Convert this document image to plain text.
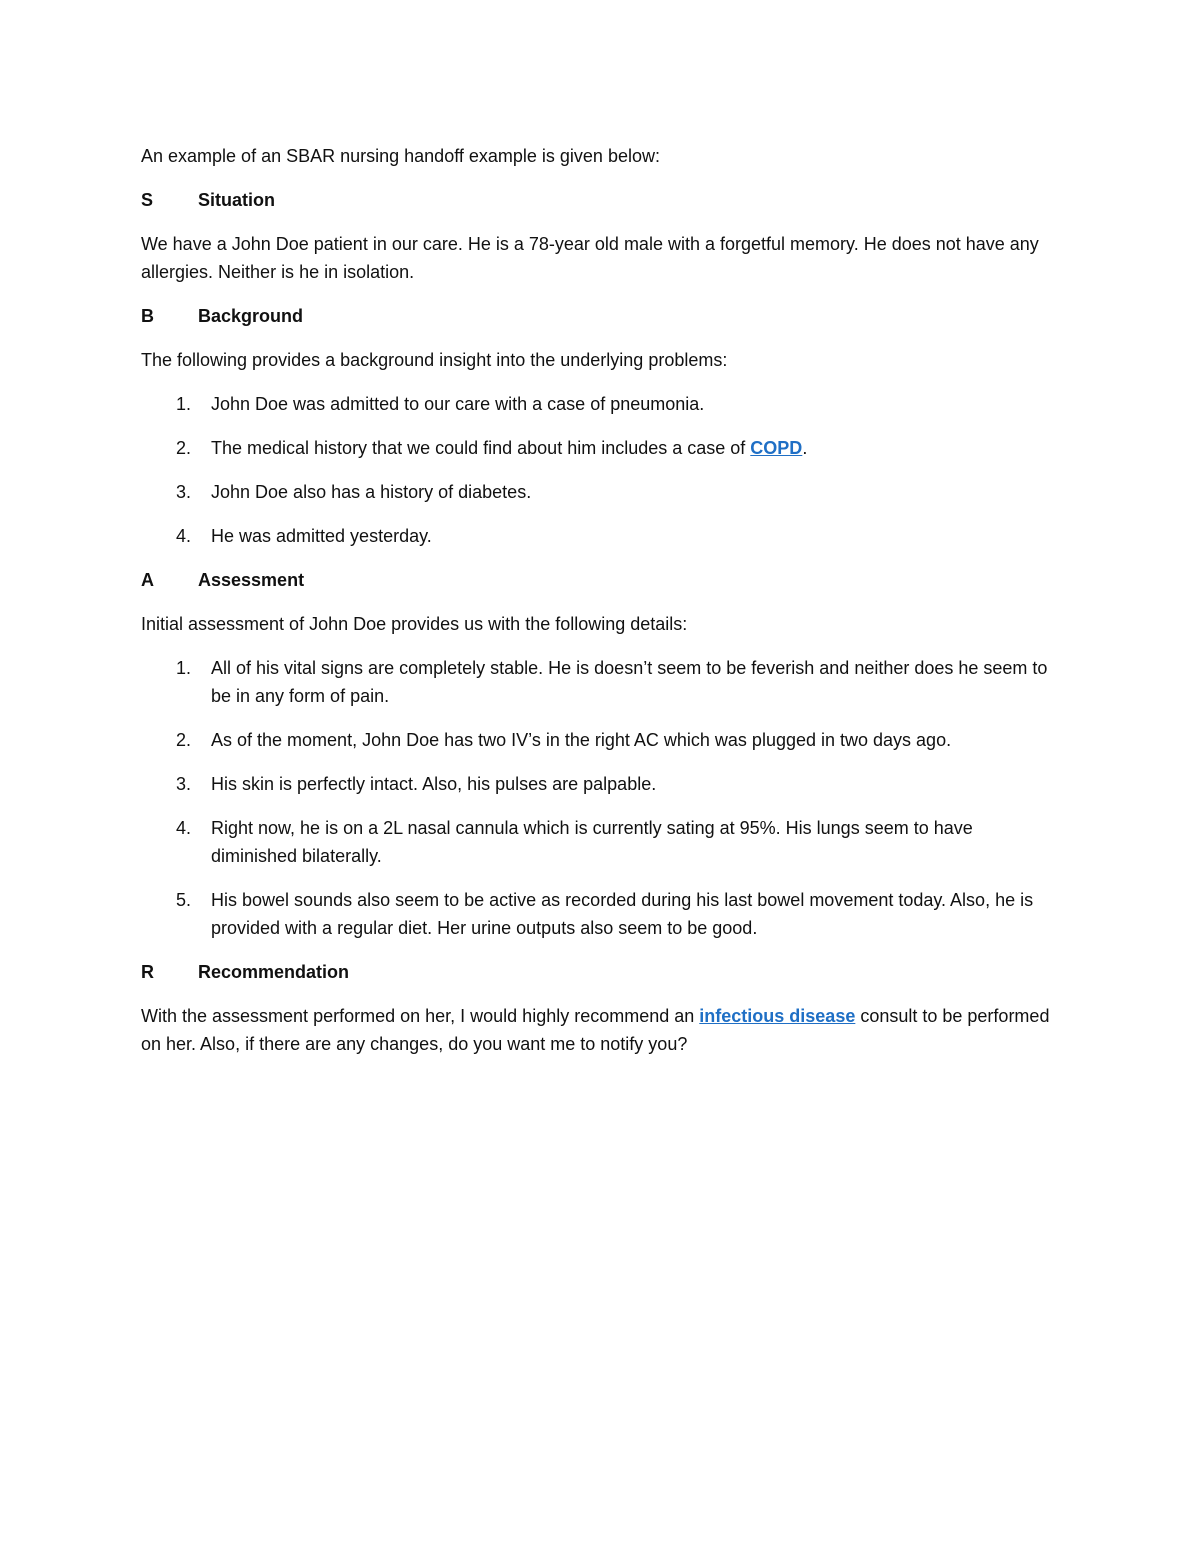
An example of an SBAR nursing handoff example is given below:

S	Situation

We have a John Doe patient in our care. He is a 78-year old male with a forgetful memory. He does not have any allergies. Neither is he in isolation.

B	Background

The following provides a background insight into the underlying problems:

1.	John Doe was admitted to our care with a case of pneumonia.
2.	The medical history that we could find about him includes a case of COPD.
3.	John Doe also has a history of diabetes.
4.	He was admitted yesterday.
A	Assessment

Initial assessment of John Doe provides us with the following details:

1.	All of his vital signs are completely stable. He is doesn’t seem to be feverish and neither does he seem to be in any form of pain.
2.	As of the moment, John Doe has two IV’s in the right AC which was plugged in two days ago.
3.	His skin is perfectly intact. Also, his pulses are palpable.
4.	Right now, he is on a 2L nasal cannula which is currently sating at 95%. His lungs seem to have diminished bilaterally.
5.	His bowel sounds also seem to be active as recorded during his last bowel movement today. Also, he is provided with a regular diet. Her urine outputs also seem to be good.
R	Recommendation

With the assessment performed on her, I would highly recommend an infectious disease consult to be performed on her. Also, if there are any changes, do you want me to notify you?
